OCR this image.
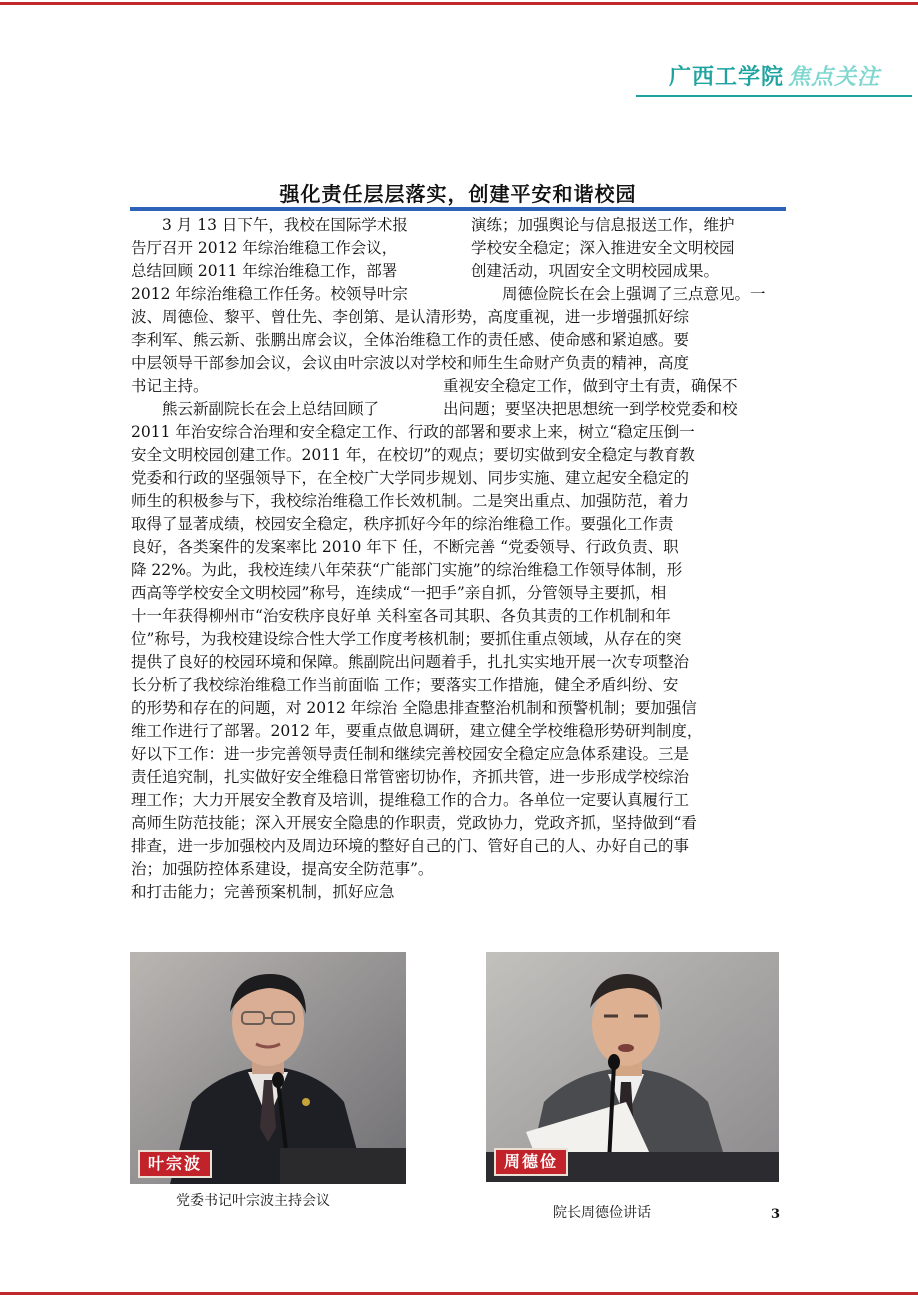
广西工学院 焦点关注
强化责任层层落实，创建平安和谐校园
3 月 13 日下午，我校在国际学术报	演练；加强舆论与信息报送工作，维护
告厅召开 2012 年综治维稳工作会议，	学校安全稳定；深入推进安全文明校园
总结回顾 2011 年综治维稳工作，部署	创建活动，巩固安全文明校园成果。
2012 年综治维稳工作任务。校领导叶宗	周德俭院长在会上强调了三点意见。一
波、周德俭、黎平、曾仕先、李创第、是认清形势，高度重视，进一步增强抓好综
李利军、熊云新、张鹏出席会议，全体治维稳工作的责任感、使命感和紧迫感。要
中层领导干部参加会议，会议由叶宗波以对学校和师生生命财产负责的精神，高度
书记主持。	重视安全稳定工作，做到守土有责，确保不
熊云新副院长在会上总结回顾了	出问题；要坚决把思想统一到学校党委和校
2011 年治安综合治理和安全稳定工作、行政的部署和要求上来，树立“稳定压倒一
安全文明校园创建工作。2011 年，在校切”的观点；要切实做到安全稳定与教育教
党委和行政的坚强领导下，在全校广大学同步规划、同步实施、建立起安全稳定的
师生的积极参与下，我校综治维稳工作长效机制。二是突出重点、加强防范，着力
取得了显著成绩，校园安全稳定，秩序抓好今年的综治维稳工作。要强化工作责
良好，各类案件的发案率比 2010 年下 任，不断完善 “党委领导、行政负责、职
降 22%。为此，我校连续八年荣获“广能部门实施”的综治维稳工作领导体制，形
西高等学校安全文明校园”称号，连续成“一把手”亲自抓，分管领导主要抓，相
十一年获得柳州市“治安秩序良好单 关科室各司其职、各负其责的工作机制和年
位”称号，为我校建设综合性大学工作度考核机制；要抓住重点领域，从存在的突
提供了良好的校园环境和保障。熊副院出问题着手，扎扎实实地开展一次专项整治
长分析了我校综治维稳工作当前面临 工作；要落实工作措施，健全矛盾纠纷、安
的形势和存在的问题，对 2012 年综治 全隐患排查整治机制和预警机制；要加强信
维工作进行了部署。2012 年，要重点做息调研，建立健全学校维稳形势研判制度，
好以下工作：进一步完善领导责任制和继续完善校园安全稳定应急体系建设。三是
责任追究制，扎实做好安全维稳日常管密切协作，齐抓共管，进一步形成学校综治
理工作；大力开展安全教育及培训，提维稳工作的合力。各单位一定要认真履行工
高师生防范技能；深入开展安全隐患的作职责，党政协力，党政齐抓，坚持做到“看
排查，进一步加强校内及周边环境的整好自己的门、管好自己的人、办好自己的事
治；加强防控体系建设，提高安全防范事”。
和打击能力；完善预案机制，抓好应急
叶宗波	周德俭
党委书记叶宗波主持会议
院长周德俭讲话	3
